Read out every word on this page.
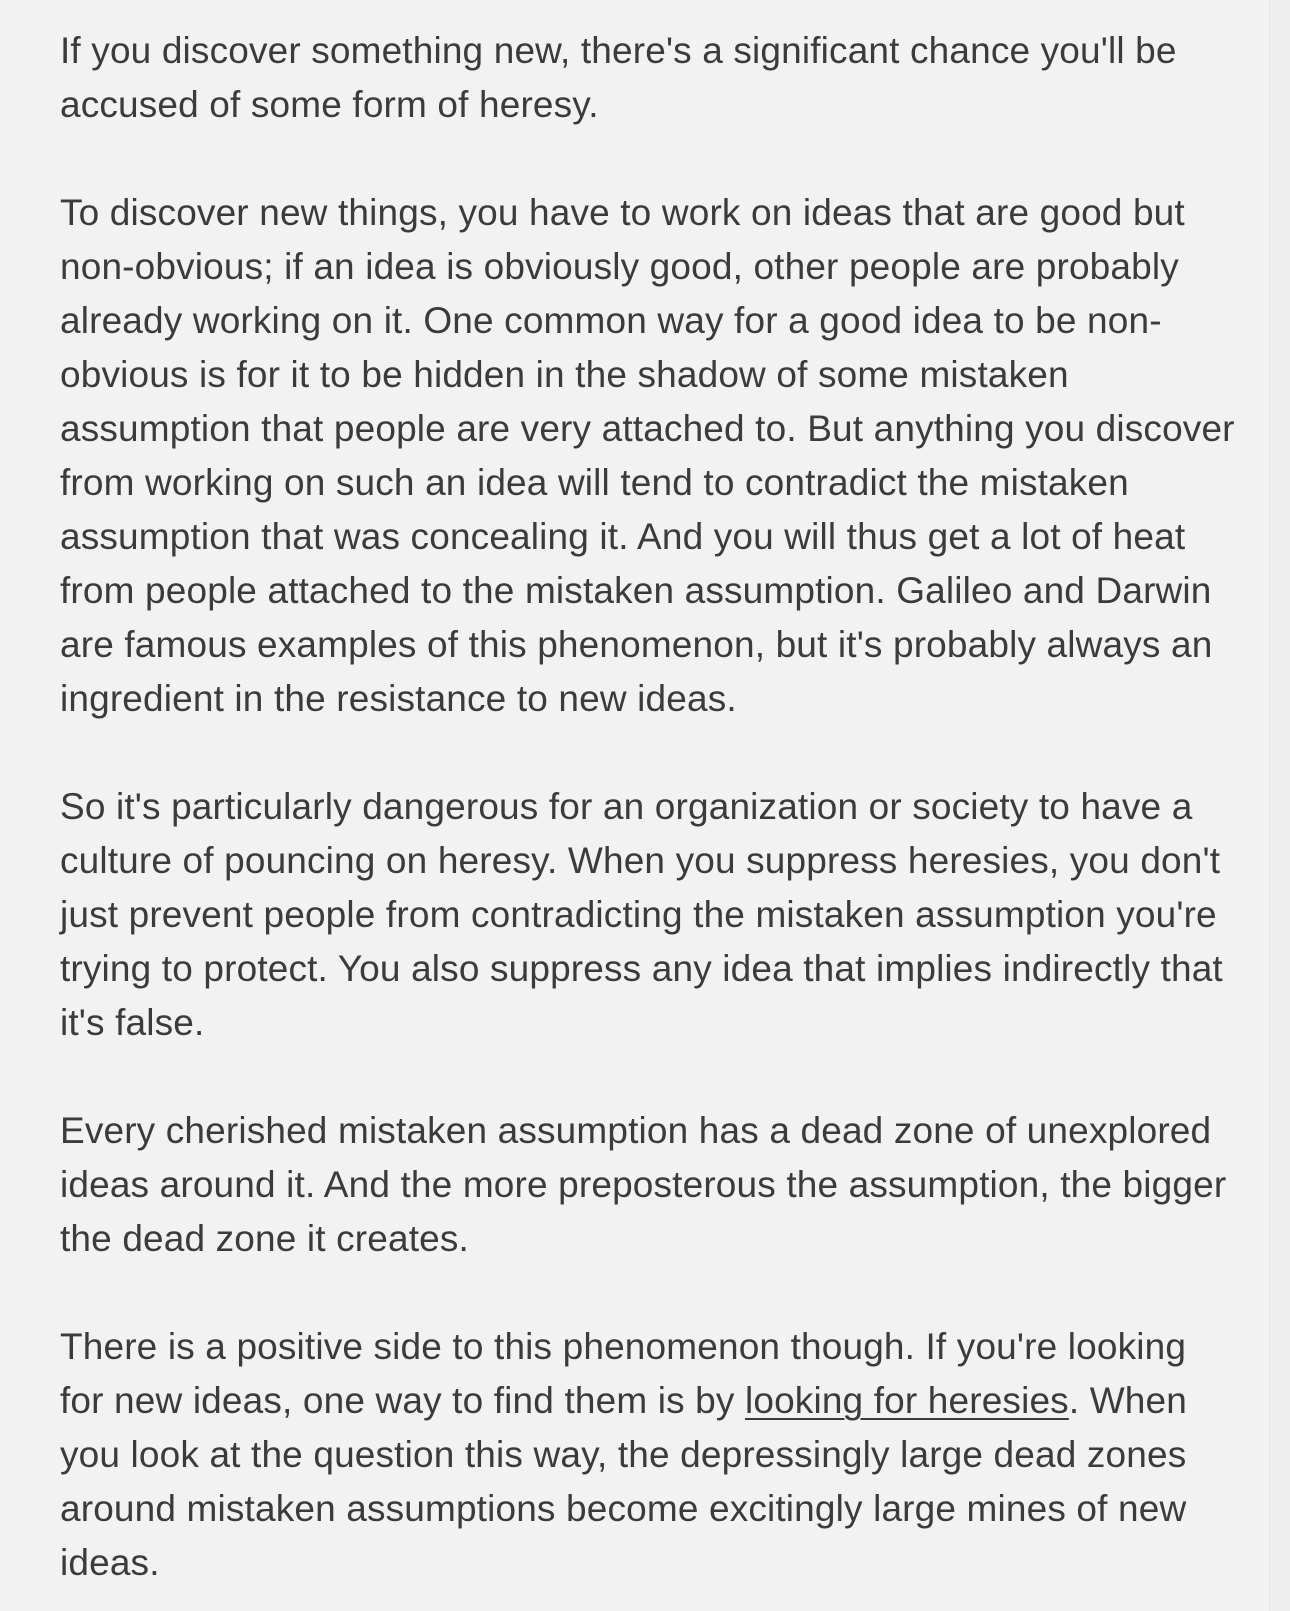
If you discover something new, there's a significant chance you'll be accused of some form of heresy.

To discover new things, you have to work on ideas that are good but non-obvious; if an idea is obviously good, other people are probably already working on it. One common way for a good idea to be non-obvious is for it to be hidden in the shadow of some mistaken assumption that people are very attached to. But anything you discover from working on such an idea will tend to contradict the mistaken assumption that was concealing it. And you will thus get a lot of heat from people attached to the mistaken assumption. Galileo and Darwin are famous examples of this phenomenon, but it's probably always an ingredient in the resistance to new ideas.

So it's particularly dangerous for an organization or society to have a culture of pouncing on heresy. When you suppress heresies, you don't just prevent people from contradicting the mistaken assumption you're trying to protect. You also suppress any idea that implies indirectly that it's false.

Every cherished mistaken assumption has a dead zone of unexplored ideas around it. And the more preposterous the assumption, the bigger the dead zone it creates.

There is a positive side to this phenomenon though. If you're looking for new ideas, one way to find them is by looking for heresies. When you look at the question this way, the depressingly large dead zones around mistaken assumptions become excitingly large mines of new ideas.
